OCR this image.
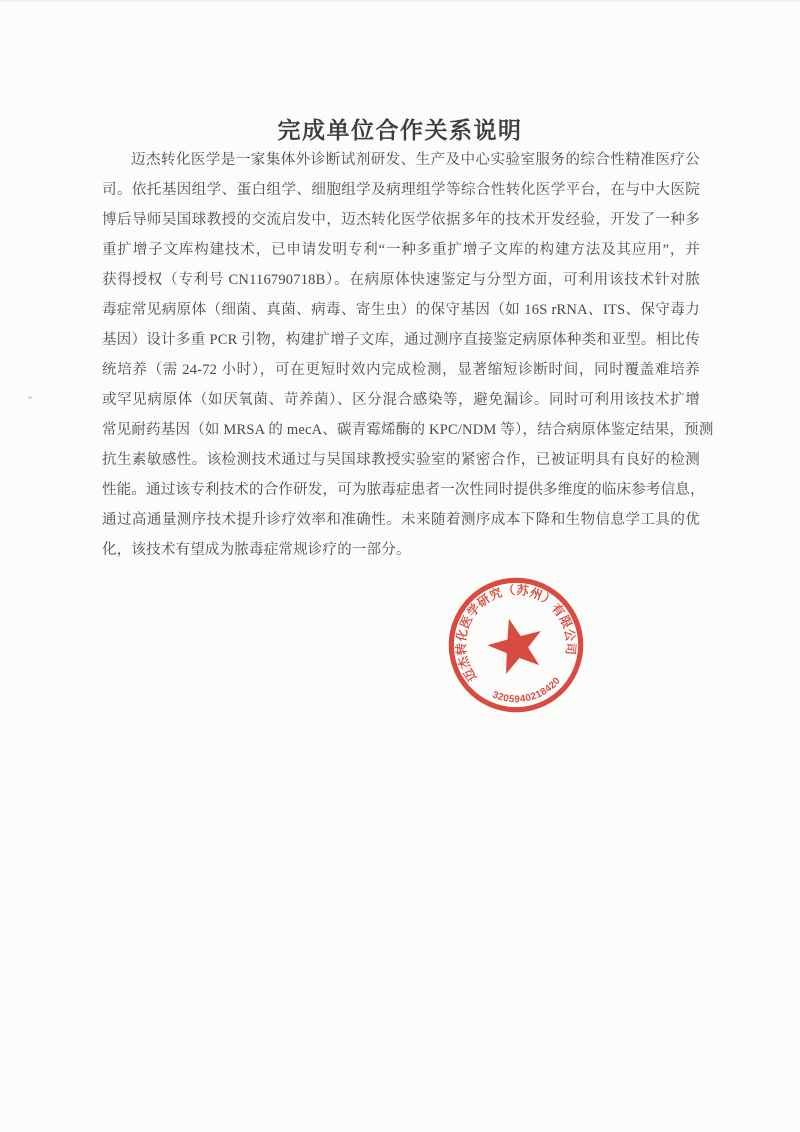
完成单位合作关系说明
迈杰转化医学是一家集体外诊断试剂研发、生产及中心实验室服务的综合性精准医疗公
司。依托基因组学、蛋白组学、细胞组学及病理组学等综合性转化医学平台，在与中大医院
博后导师吴国球教授的交流启发中，迈杰转化医学依据多年的技术开发经验，开发了一种多
重扩增子文库构建技术，已申请发明专利“一种多重扩增子文库的构建方法及其应用”，并
获得授权（专利号 CN116790718B）。在病原体快速鉴定与分型方面，可利用该技术针对脓
毒症常见病原体（细菌、真菌、病毒、寄生虫）的保守基因（如 16S rRNA、ITS、保守毒力
基因）设计多重 PCR 引物，构建扩增子文库，通过测序直接鉴定病原体种类和亚型。相比传
统培养（需 24-72 小时），可在更短时效内完成检测，显著缩短诊断时间，同时覆盖难培养
或罕见病原体（如厌氧菌、苛养菌）、区分混合感染等，避免漏诊。同时可利用该技术扩增
常见耐药基因（如 MRSA 的 mecA、碳青霉烯酶的 KPC/NDM 等），结合病原体鉴定结果，预测
抗生素敏感性。该检测技术通过与吴国球教授实验室的紧密合作，已被证明具有良好的检测
性能。通过该专利技术的合作研发，可为脓毒症患者一次性同时提供多维度的临床参考信息，
通过高通量测序技术提升诊疗效率和准确性。未来随着测序成本下降和生物信息学工具的优
化，该技术有望成为脓毒症常规诊疗的一部分。
迈杰转化医学研究（苏州）有限公司
3205940218420
